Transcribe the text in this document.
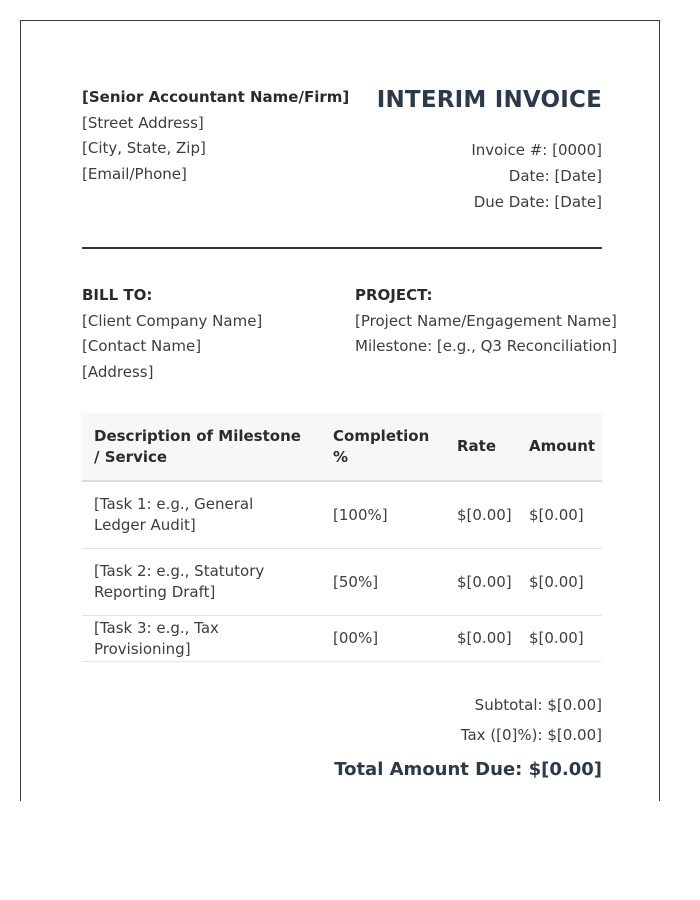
[Senior Accountant Name/Firm]
[Street Address]
[City, State, Zip]
[Email/Phone]
INTERIM INVOICE
Invoice #: [0000]
Date: [Date]
Due Date: [Date]
BILL TO:
[Client Company Name]
[Contact Name]
[Address]
PROJECT:
[Project Name/Engagement Name]
Milestone: [e.g., Q3 Reconciliation]
Description of Milestone / Service	Completion %	Rate	Amount
[Task 1: e.g., General Ledger Audit]	[100%]	$[0.00]	$[0.00]
[Task 2: e.g., Statutory Reporting Draft]	[50%]	$[0.00]	$[0.00]
[Task 3: e.g., Tax Provisioning]	[00%]	$[0.00]	$[0.00]
Subtotal: $[0.00]
Tax ([0]%): $[0.00]
Total Amount Due: $[0.00]
